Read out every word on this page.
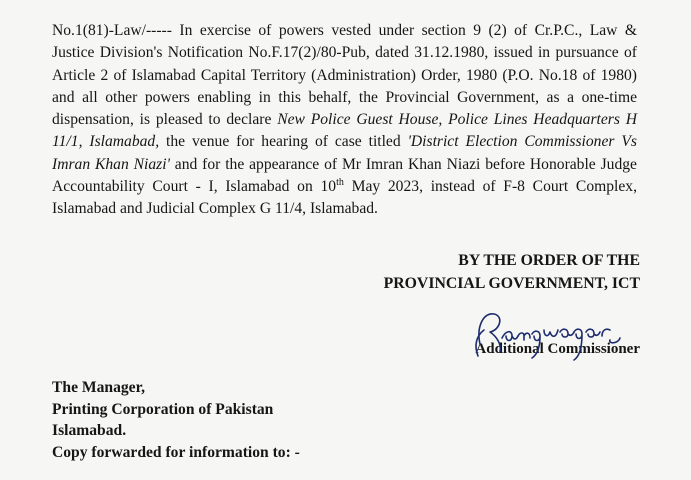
No.1(81)-Law/----- In exercise of powers vested under section 9 (2) of Cr.P.C., Law & Justice Division's Notification No.F.17(2)/80-Pub, dated 31.12.1980, issued in pursuance of Article 2 of Islamabad Capital Territory (Administration) Order, 1980 (P.O. No.18 of 1980) and all other powers enabling in this behalf, the Provincial Government, as a one-time dispensation, is pleased to declare New Police Guest House, Police Lines Headquarters H 11/1, Islamabad, the venue for hearing of case titled 'District Election Commissioner Vs Imran Khan Niazi' and for the appearance of Mr Imran Khan Niazi before Honorable Judge Accountability Court - I, Islamabad on 10th May 2023, instead of F-8 Court Complex, Islamabad and Judicial Complex G 11/4, Islamabad.
BY THE ORDER OF THE
PROVINCIAL GOVERNMENT, ICT
Additional Commissioner
The Manager,
Printing Corporation of Pakistan
Islamabad.
Copy forwarded for information to: -
